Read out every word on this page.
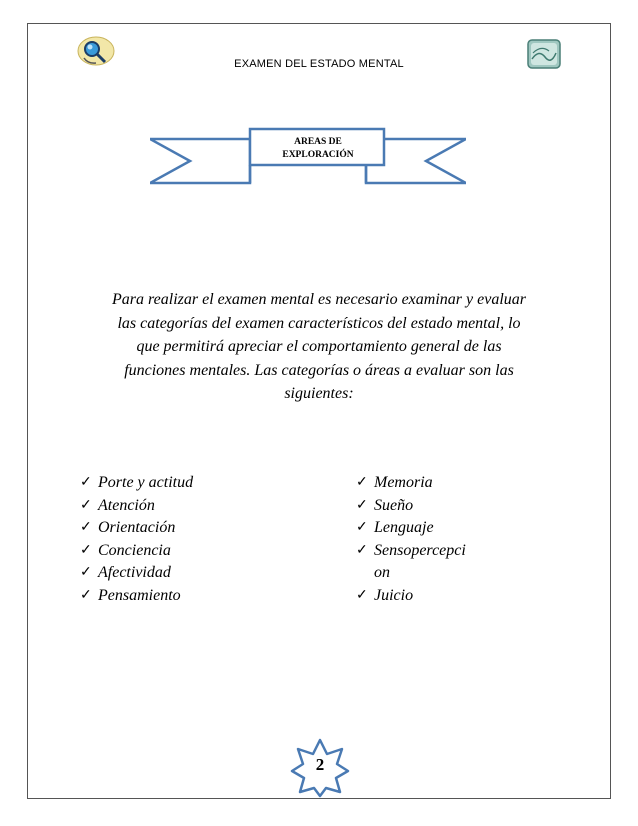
EXAMEN DEL ESTADO MENTAL
AREAS DE
EXPLORACIÓN
Para realizar el examen mental es necesario examinar y evaluar las categorías del examen característicos del estado mental, lo que permitirá apreciar el comportamiento general de las funciones mentales. Las categorías o áreas a evaluar son las siguientes:
✓ Porte y actitud
✓ Atención
✓ Orientación
✓ Conciencia
✓ Afectividad
✓ Pensamiento
✓ Memoria
✓ Sueño
✓ Lenguaje
✓ Sensopercepci
on
✓ Juicio
2
